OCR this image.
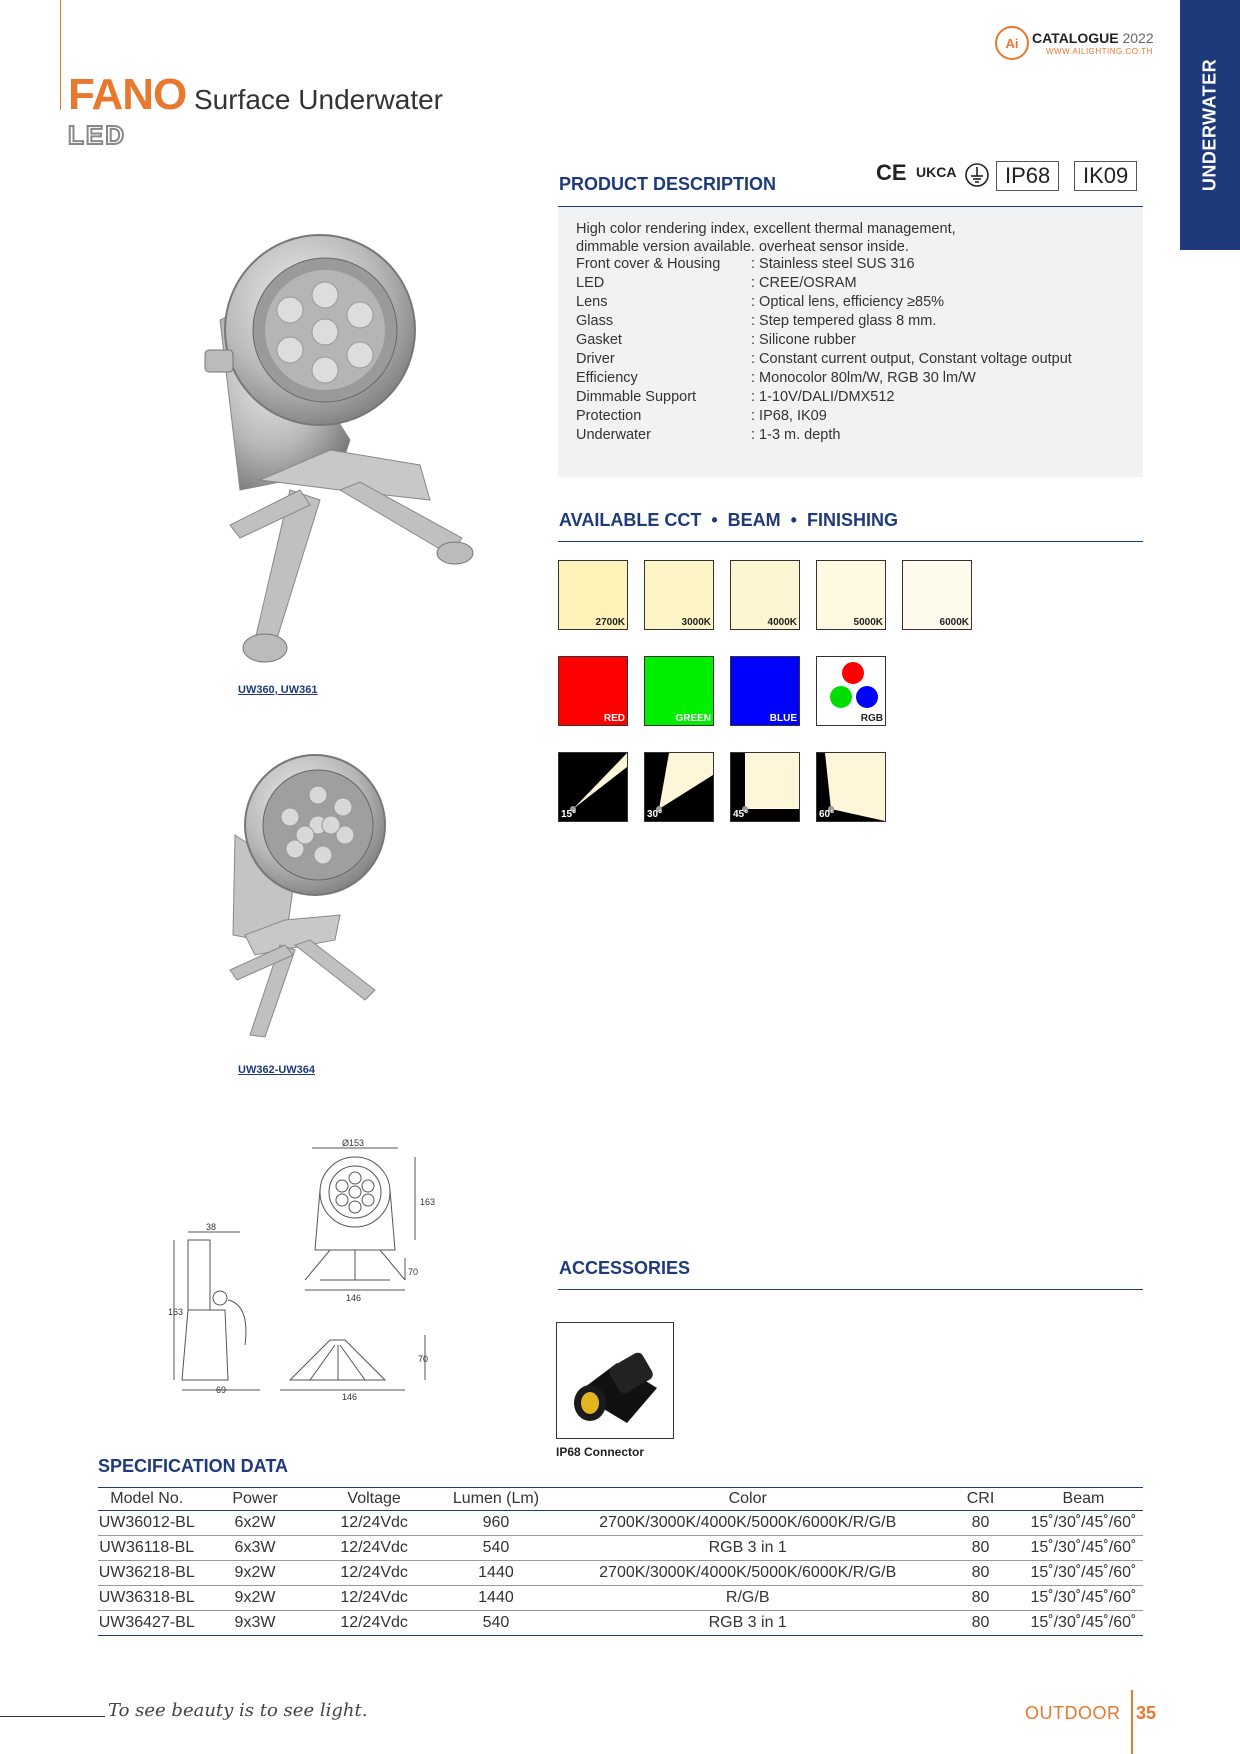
FANO Surface Underwater
LED
Ai CATALOGUE 2022
WWW.AILIGHTING.CO.TH
UNDERWATER
UW360, UW361
UW362-UW364
Ø153
163
70
146
38
163
69
70
146
PRODUCT DESCRIPTION	CE UKCA	IP68	IK09
High color rendering index, excellent thermal management,
dimmable version available. overheat sensor inside.
Front cover & Housing : Stainless steel SUS 316
LED	: CREE/OSRAM
Lens	: Optical lens, efficiency ≥85%
Glass	: Step tempered glass 8 mm.
Gasket	: Silicone rubber
Driver	: Constant current output, Constant voltage output
Efficiency	: Monocolor 80lm/W, RGB 30 lm/W
Dimmable Support	: 1-10V/DALI/DMX512
Protection	: IP68, IK09
Underwater	: 1-3 m. depth
AVAILABLE CCT  •  BEAM  •  FINISHING
2700K	3000K	4000K	5000K	6000K
RED	GREEN	BLUE	RGB
15°	30°	45°	60°
ACCESSORIES
IP68 Connector
SPECIFICATION DATA
Model No.	Power	Voltage	Lumen (Lm)	Color	CRI	Beam
UW36012-BL	6x2W	12/24Vdc	960	2700K/3000K/4000K/5000K/6000K/R/G/B	80	15˚/30˚/45˚/60˚
UW36118-BL	6x3W	12/24Vdc	540	RGB 3 in 1	80	15˚/30˚/45˚/60˚
UW36218-BL	9x2W	12/24Vdc	1440	2700K/3000K/4000K/5000K/6000K/R/G/B	80	15˚/30˚/45˚/60˚
UW36318-BL	9x2W	12/24Vdc	1440	R/G/B	80	15˚/30˚/45˚/60˚
UW36427-BL	9x3W	12/24Vdc	540	RGB 3 in 1	80	15˚/30˚/45˚/60˚
To see beauty is to see light.	OUTDOOR 35
